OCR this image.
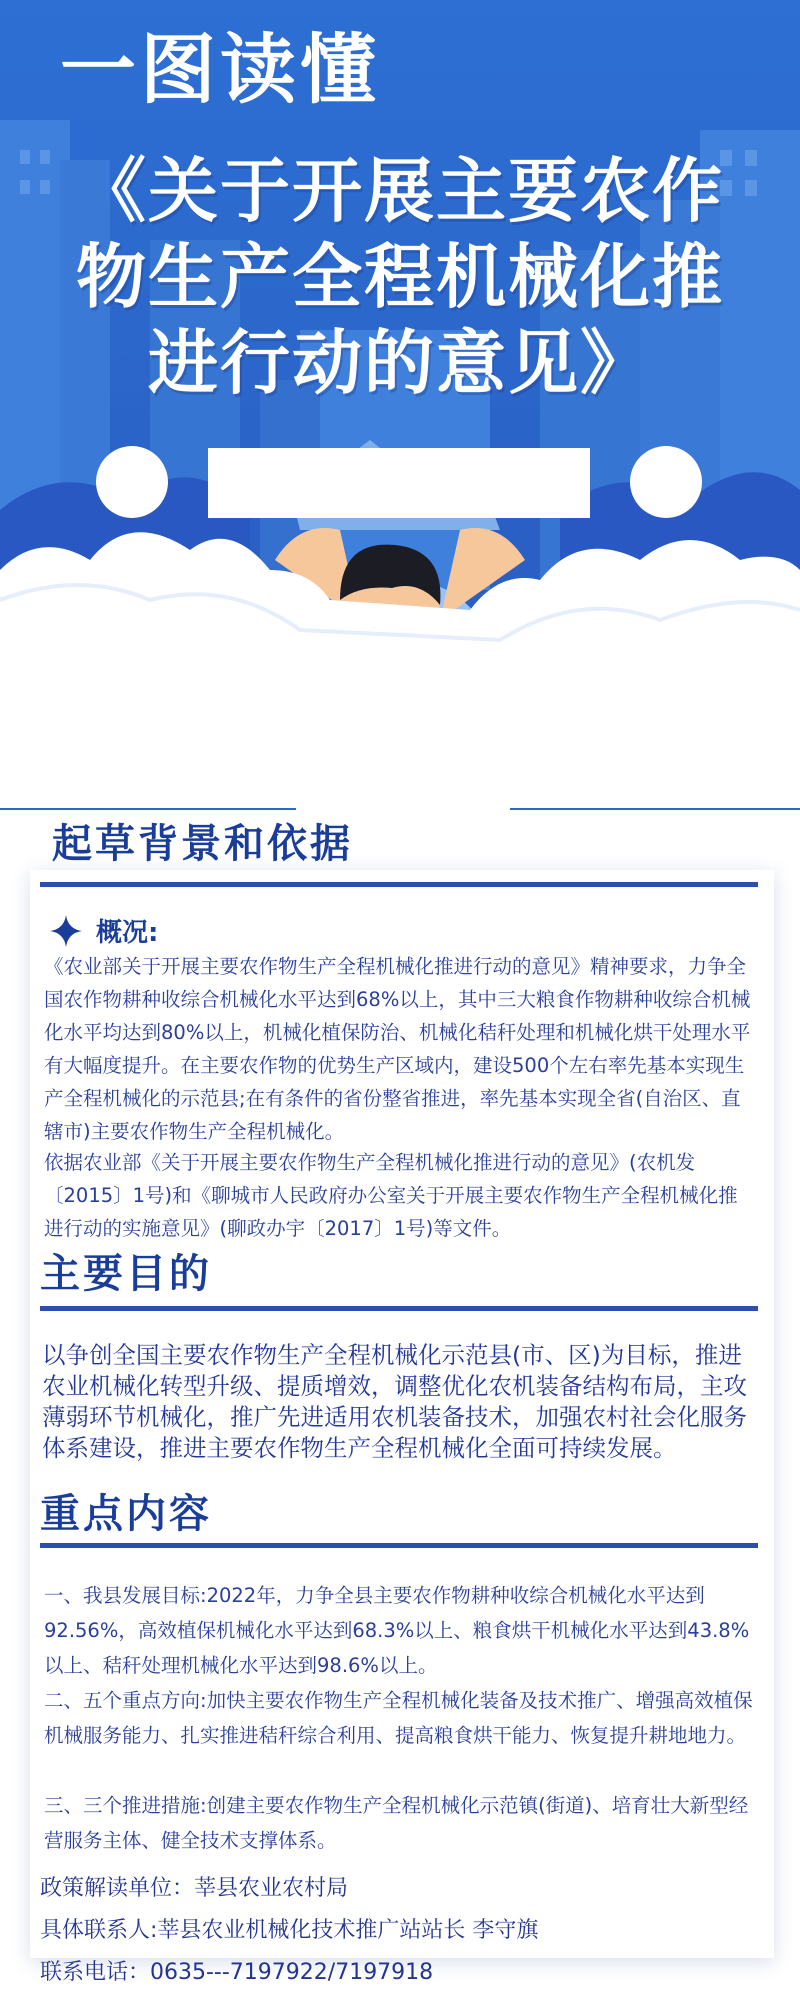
一图读懂
《关于开展主要农作
物生产全程机械化推
进行动的意见》
起草背景和依据
概况:
《农业部关于开展主要农作物生产全程机械化推进行动的意见》精神要求，力争全国农作物耕种收综合机械化水平达到68%以上，其中三大粮食作物耕种收综合机械化水平均达到80%以上，机械化植保防治、机械化秸秆处理和机械化烘干处理水平有大幅度提升。在主要农作物的优势生产区域内，建设500个左右率先基本实现生产全程机械化的示范县;在有条件的省份整省推进，率先基本实现全省(自治区、直辖市)主要农作物生产全程机械化。
依据农业部《关于开展主要农作物生产全程机械化推进行动的意见》(农机发〔2015〕1号)和《聊城市人民政府办公室关于开展主要农作物生产全程机械化推进行动的实施意见》(聊政办宇〔2017〕1号)等文件。
主要目的
以争创全国主要农作物生产全程机械化示范县(市、区)为目标，推进农业机械化转型升级、提质增效，调整优化农机装备结构布局，主攻薄弱环节机械化，推广先进适用农机装备技术，加强农村社会化服务体系建设，推进主要农作物生产全程机械化全面可持续发展。
重点内容
一、我县发展目标:2022年，力争全县主要农作物耕种收综合机械化水平达到92.56%，高效植保机械化水平达到68.3%以上、粮食烘干机械化水平达到43.8%以上、秸秆处理机械化水平达到98.6%以上。
二、五个重点方向:加快主要农作物生产全程机械化装备及技术推广、增强高效植保机械服务能力、扎实推进秸秆综合利用、提高粮食烘干能力、恢复提升耕地地力。
三、三个推进措施:创建主要农作物生产全程机械化示范镇(街道)、培育壮大新型经营服务主体、健全技术支撑体系。
政策解读单位：莘县农业农村局
具体联系人:莘县农业机械化技术推广站站长 李守旗
联系电话：0635---7197922/7197918
